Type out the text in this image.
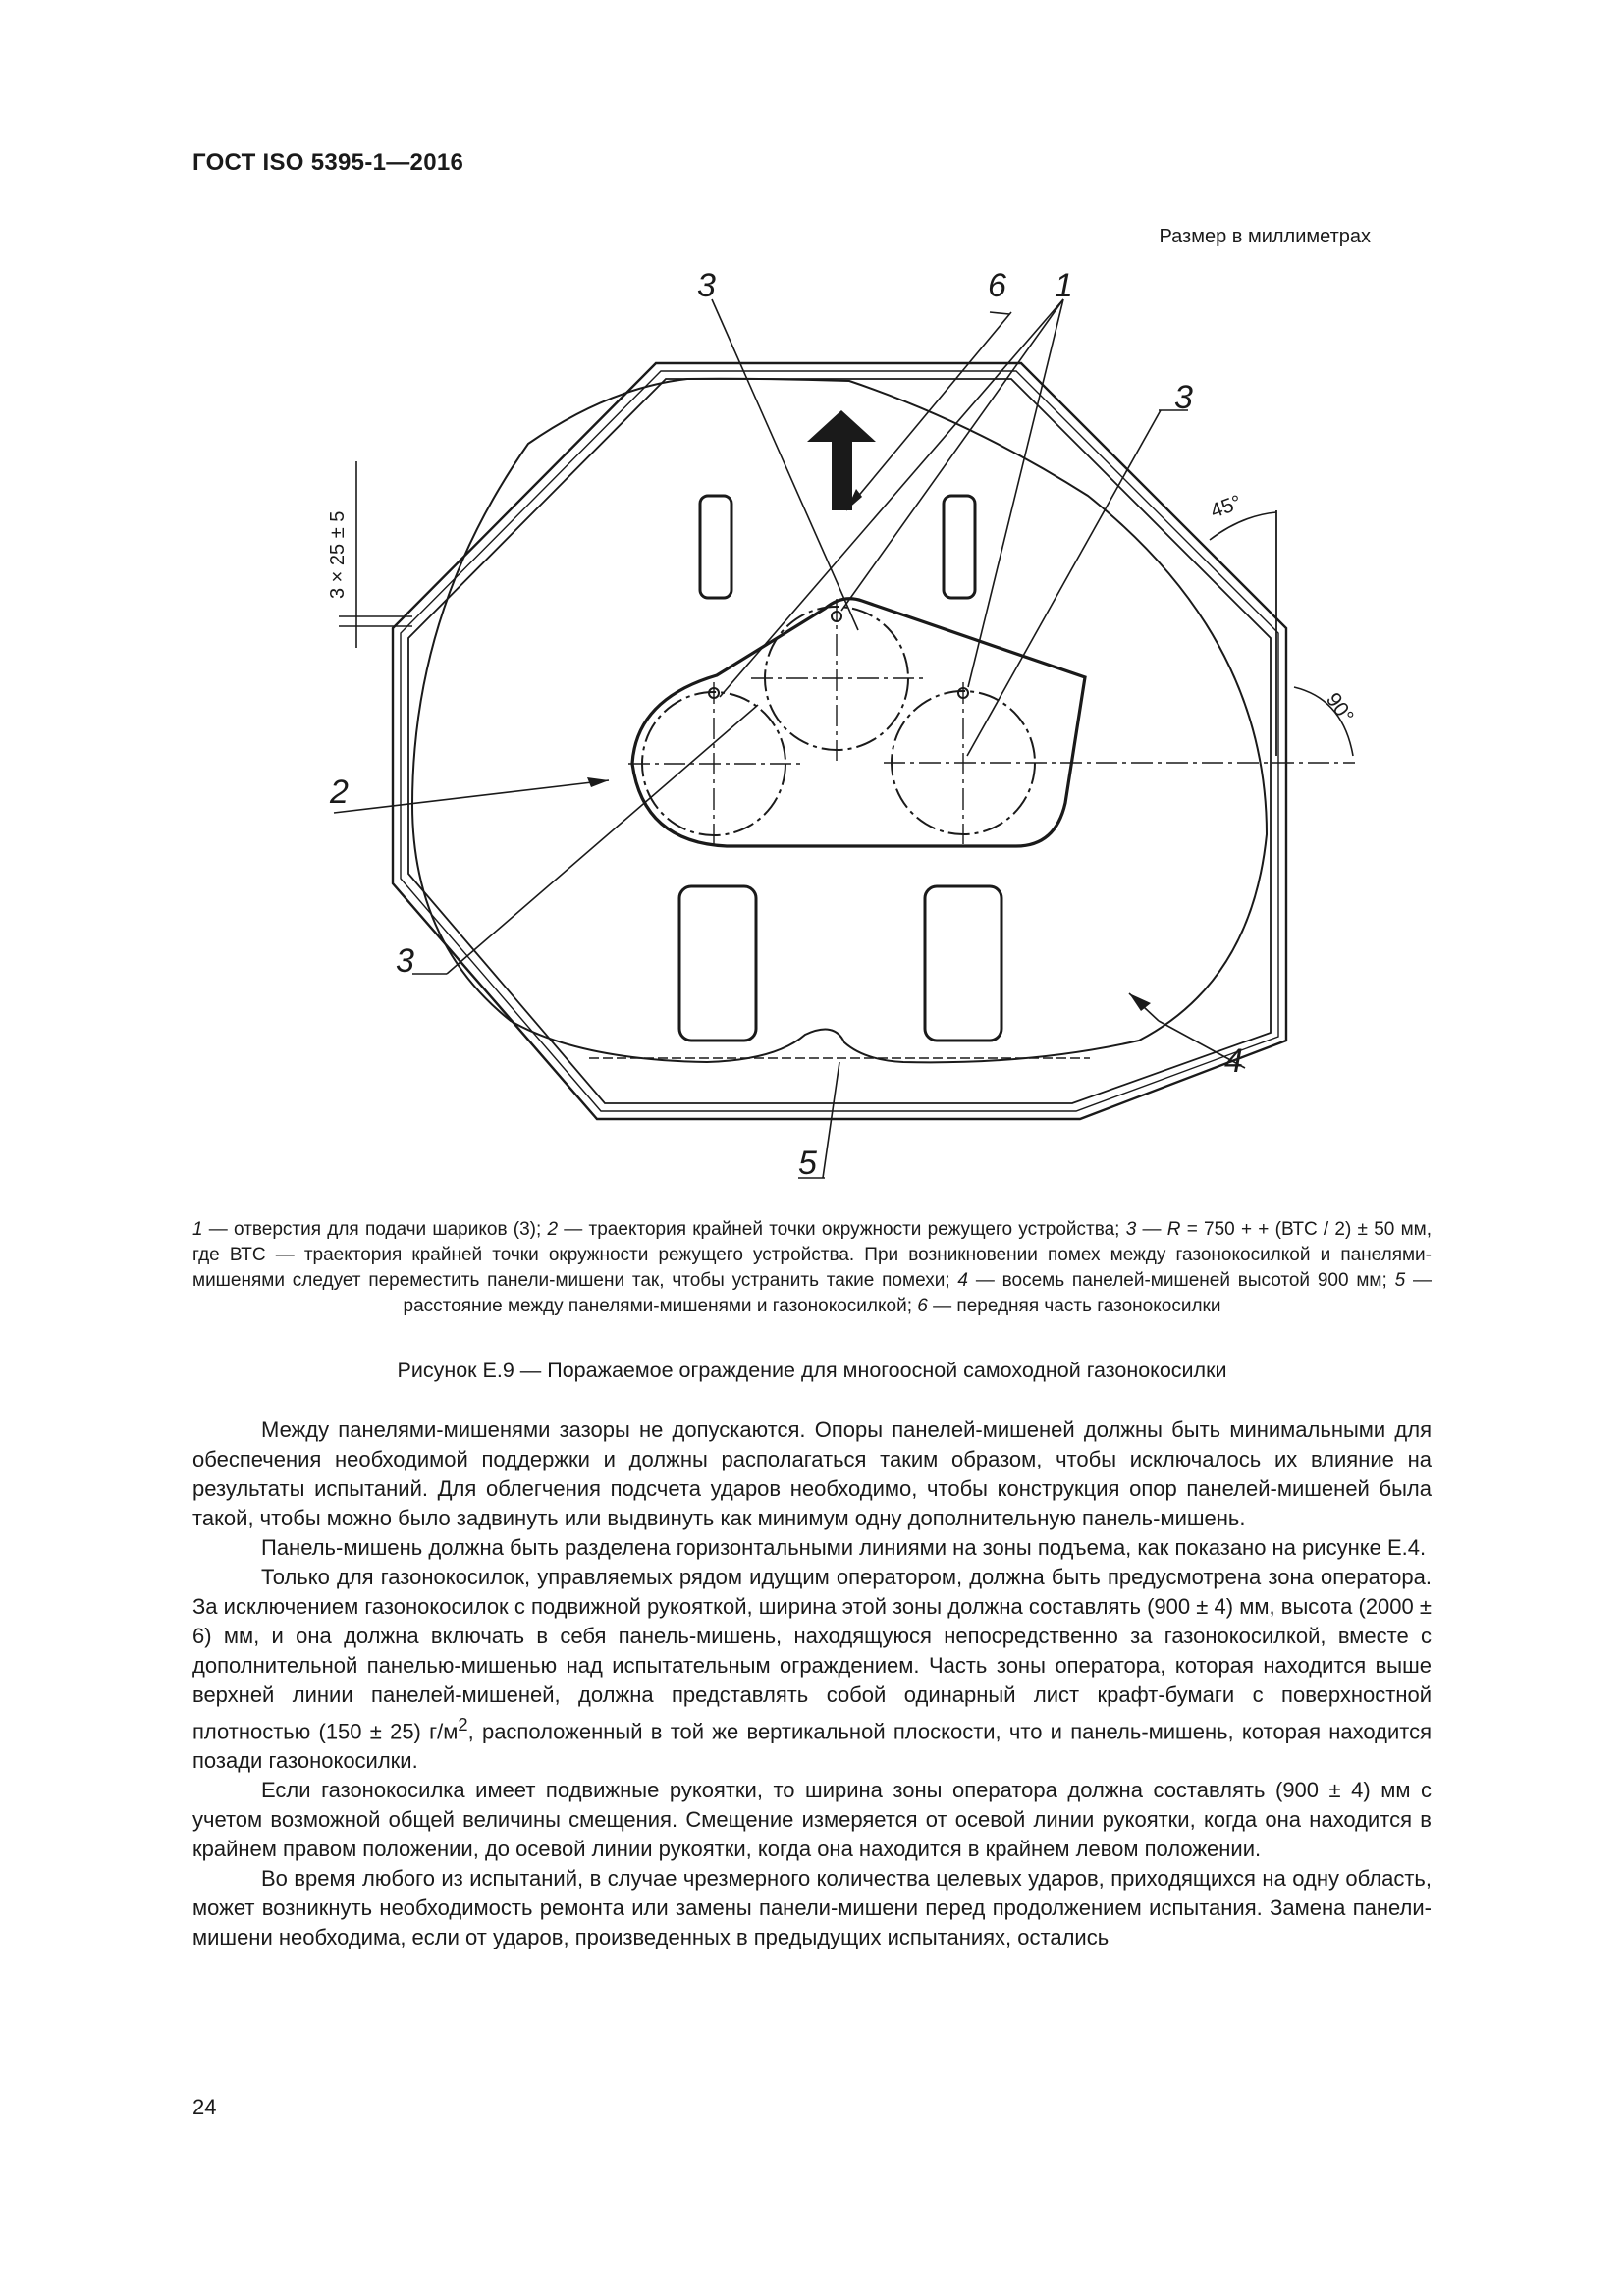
ГОСТ ISO 5395-1—2016
Размер в миллиметрах
3	6 1
3
2
3
4
5
45°
90°
3 × 25 ± 5
1 — отверстия для подачи шариков (3); 2 — траектория крайней точки окружности режущего устройства; 3 — R = 750 + + (ВТС / 2) ± 50 мм, где ВТС — траектория крайней точки окружности режущего устройства. При возникновении помех между газонокосилкой и панелями-мишенями следует переместить панели-мишени так, чтобы устранить такие помехи; 4 — восемь панелей-мишеней высотой 900 мм; 5 — расстояние между панелями-мишенями и газонокосилкой; 6 — передняя часть газонокосилки
Рисунок Е.9 — Поражаемое ограждение для многоосной самоходной газонокосилки

Между панелями-мишенями зазоры не допускаются. Опоры панелей-мишеней должны быть минимальными для обеспечения необходимой поддержки и должны располагаться таким образом, чтобы исключалось их влияние на результаты испытаний. Для облегчения подсчета ударов необходимо, чтобы конструкция опор панелей-мишеней была такой, чтобы можно было задвинуть или выдвинуть как минимум одну дополнительную панель-мишень.

Панель-мишень должна быть разделена горизонтальными линиями на зоны подъема, как показано на рисунке Е.4.

Только для газонокосилок, управляемых рядом идущим оператором, должна быть предусмотрена зона оператора. За исключением газонокосилок с подвижной рукояткой, ширина этой зоны должна составлять (900 ± 4) мм, высота (2000 ± 6) мм, и она должна включать в себя панель-мишень, находящуюся непосредственно за газонокосилкой, вместе с дополнительной панелью-мишенью над испытательным ограждением. Часть зоны оператора, которая находится выше верхней линии панелей-мишеней, должна представлять собой одинарный лист крафт-бумаги с поверхностной плотностью (150 ± 25) $г/м^2$, расположенный в той же вертикальной плоскости, что и панель-мишень, которая находится позади газонокосилки.

Если газонокосилка имеет подвижные рукоятки, то ширина зоны оператора должна составлять (900 ± 4) мм с учетом возможной общей величины смещения. Смещение измеряется от осевой линии рукоятки, когда она находится в крайнем правом положении, до осевой линии рукоятки, когда она находится в крайнем левом положении.

Во время любого из испытаний, в случае чрезмерного количества целевых ударов, приходящихся на одну область, может возникнуть необходимость ремонта или замены панели-мишени перед продолжением испытания. Замена панели-мишени необходима, если от ударов, произведенных в предыдущих испытаниях, остались

24
